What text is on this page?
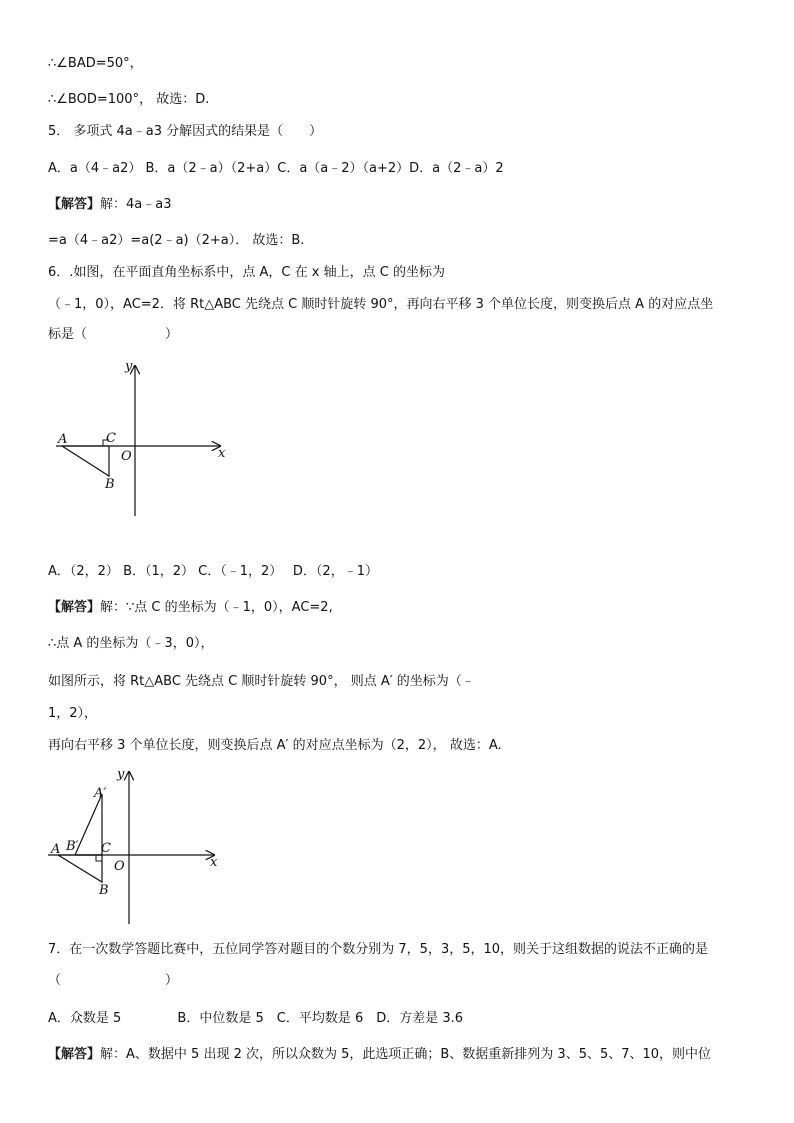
∴∠BAD=50°，
∴∠BOD=100°， 故选：D.
5． 多项式 4a﹣a3 分解因式的结果是（　　）
A．a（4﹣a2） B．a（2﹣a）（2+a）C．a（a﹣2）（a+2）D．a（2﹣a）2
【解答】解：4a﹣a3
=a（4﹣a2）=a(2﹣a)（2+a）． 故选：B.
6．.如图，在平面直角坐标系中，点 A，C 在 x 轴上，点 C 的坐标为
（﹣1，0），AC=2．将 Rt△ABC 先绕点 C 顺时针旋转 90°，再向右平移 3 个单位长度，则变换后点 A 的对应点坐
标是（　　　　　　）
y
x
A	C
O
B
A．（2，2） B．（1，2） C．（﹣1，2）　 D．（2，﹣1）
【解答】解：∵点 C 的坐标为（﹣1，0），AC=2,
∴点 A 的坐标为（﹣3，0），
如图所示，将 Rt△ABC 先绕点 C 顺时针旋转 90°， 则点 A′ 的坐标为（﹣
1，2），
再向右平移 3 个单位长度，则变换后点 A′ 的对应点坐标为（2，2）， 故选：A.
y
x
A
A′
B′ C
O
B
7．在一次数学答题比赛中，五位同学答对题目的个数分别为 7，5，3，5，10，则关于这组数据的说法不正确的是
（　　　　　　　　）
A．众数是 5　　　　 B．中位数是 5　C．平均数是 6　D．方差是 3.6
【解答】解：A、数据中 5 出现 2 次，所以众数为 5，此选项正确；B、数据重新排列为 3、5、5、7、10，则中位
